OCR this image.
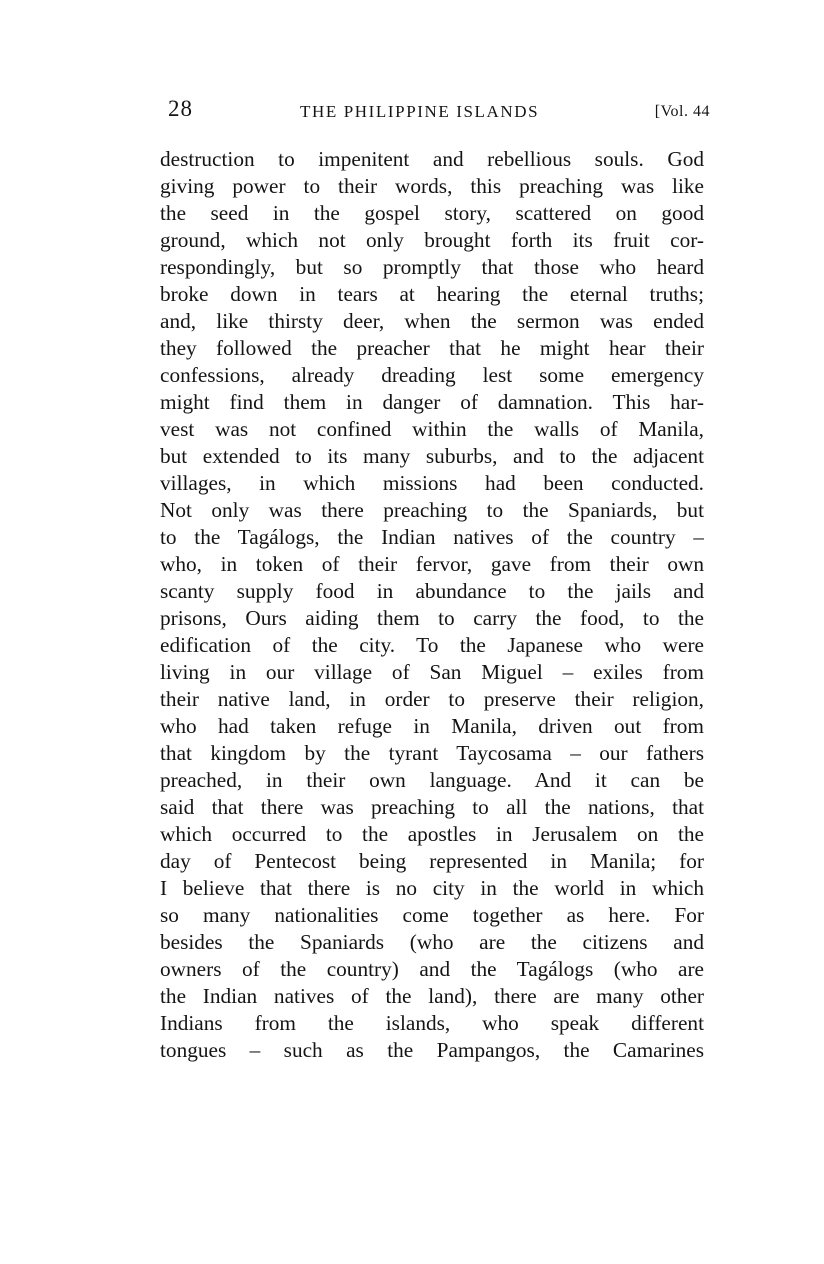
28	THE PHILIPPINE ISLANDS	[Vol. 44
destruction to impenitent and rebellious souls. God
giving power to their words, this preaching was like
the seed in the gospel story, scattered on good
ground, which not only brought forth its fruit cor-
respondingly, but so promptly that those who heard
broke down in tears at hearing the eternal truths;
and, like thirsty deer, when the sermon was ended
they followed the preacher that he might hear their
confessions, already dreading lest some emergency
might find them in danger of damnation. This har-
vest was not confined within the walls of Manila,
but extended to its many suburbs, and to the adjacent
villages, in which missions had been conducted.
Not only was there preaching to the Spaniards, but
to the Tagálogs, the Indian natives of the country –
who, in token of their fervor, gave from their own
scanty supply food in abundance to the jails and
prisons, Ours aiding them to carry the food, to the
edification of the city. To the Japanese who were
living in our village of San Miguel – exiles from
their native land, in order to preserve their religion,
who had taken refuge in Manila, driven out from
that kingdom by the tyrant Taycosama – our fathers
preached, in their own language. And it can be
said that there was preaching to all the nations, that
which occurred to the apostles in Jerusalem on the
day of Pentecost being represented in Manila; for
I believe that there is no city in the world in which
so many nationalities come together as here. For
besides the Spaniards (who are the citizens and
owners of the country) and the Tagálogs (who are
the Indian natives of the land), there are many other
Indians from the islands, who speak different
tongues – such as the Pampangos, the Camarines
